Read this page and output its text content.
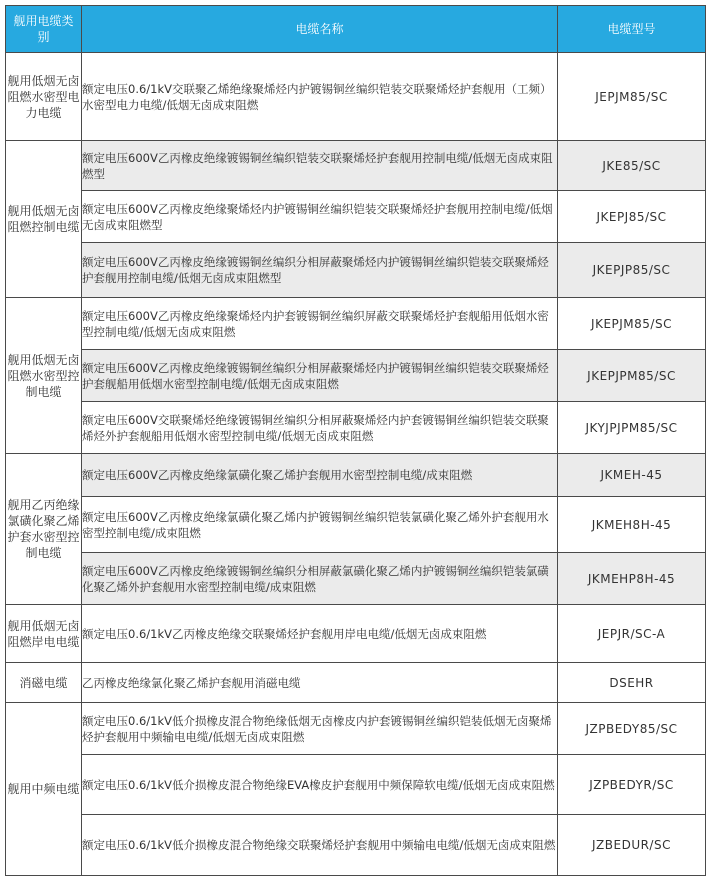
舰用电缆类 别	电缆名称	电缆型号
舰用低烟无卤阻燃水密型电力电缆	额定电压0.6/1kV交联聚乙烯绝缘聚烯烃内护镀锡铜丝编织铠装交联聚烯烃护套舰用（工频）水密型电力电缆/低烟无卤成束阻燃	JEPJM85/SC
舰用低烟无卤阻燃控制电缆	额定电压600V乙丙橡皮绝缘镀锡铜丝编织铠装交联聚烯烃护套舰用控制电缆/低烟无卤成束阻燃型	JKE85/SC
	额定电压600V乙丙橡皮绝缘聚烯烃内护镀锡铜丝编织铠装交联聚烯烃护套舰用控制电缆/低烟无卤成束阻燃型	JKEPJ85/SC
	额定电压600V乙丙橡皮绝缘镀锡铜丝编织分相屏蔽聚烯烃内护镀锡铜丝编织铠装交联聚烯烃护套舰用控制电缆/低烟无卤成束阻燃型	JKEPJP85/SC
舰用低烟无卤阻燃水密型控制电缆	额定电压600V乙丙橡皮绝缘聚烯烃内护套镀锡铜丝编织屏蔽交联聚烯烃护套舰船用低烟水密型控制电缆/低烟无卤成束阻燃	JKEPJM85/SC
	额定电压600V乙丙橡皮绝缘镀锡铜丝编织分相屏蔽聚烯烃内护镀锡铜丝编织铠装交联聚烯烃护套舰船用低烟水密型控制电缆/低烟无卤成束阻燃	JKEPJPM85/SC
	额定电压600V交联聚烯烃绝缘镀锡铜丝编织分相屏蔽聚烯烃内护套镀锡铜丝编织铠装交联聚烯烃外护套舰船用低烟水密型控制电缆/低烟无卤成束阻燃	JKYJPJPM85/SC
舰用乙丙绝缘氯磺化聚乙烯护套水密型控制电缆	额定电压600V乙丙橡皮绝缘氯磺化聚乙烯护套舰用水密型控制电缆/成束阻燃	JKMEH-45
	额定电压600V乙丙橡皮绝缘氯磺化聚乙烯内护镀锡铜丝编织铠装氯磺化聚乙烯外护套舰用水密型控制电缆/成束阻燃	JKMEH8H-45
	额定电压600V乙丙橡皮绝缘镀锡铜丝编织分相屏蔽氯磺化聚乙烯内护镀锡铜丝编织铠装氯磺化聚乙烯外护套舰用水密型控制电缆/成束阻燃	JKMEHP8H-45
舰用低烟无卤阻燃岸电电缆	额定电压0.6/1kV乙丙橡皮绝缘交联聚烯烃护套舰用岸电电缆/低烟无卤成束阻燃	JEPJR/SC-A
消磁电缆	乙丙橡皮绝缘氯化聚乙烯护套舰用消磁电缆	DSEHR
舰用中频电缆	额定电压0.6/1kV低介损橡皮混合物绝缘低烟无卤橡皮内护套镀锡铜丝编织铠装低烟无卤聚烯烃护套舰用中频输电电缆/低烟无卤成束阻燃	JZPBEDY85/SC
	额定电压0.6/1kV低介损橡皮混合物绝缘EVA橡皮护套舰用中频保障软电缆/低烟无卤成束阻燃	JZPBEDYR/SC
	额定电压0.6/1kV低介损橡皮混合物绝缘交联聚烯烃护套舰用中频输电电缆/低烟无卤成束阻燃	JZBEDUR/SC
